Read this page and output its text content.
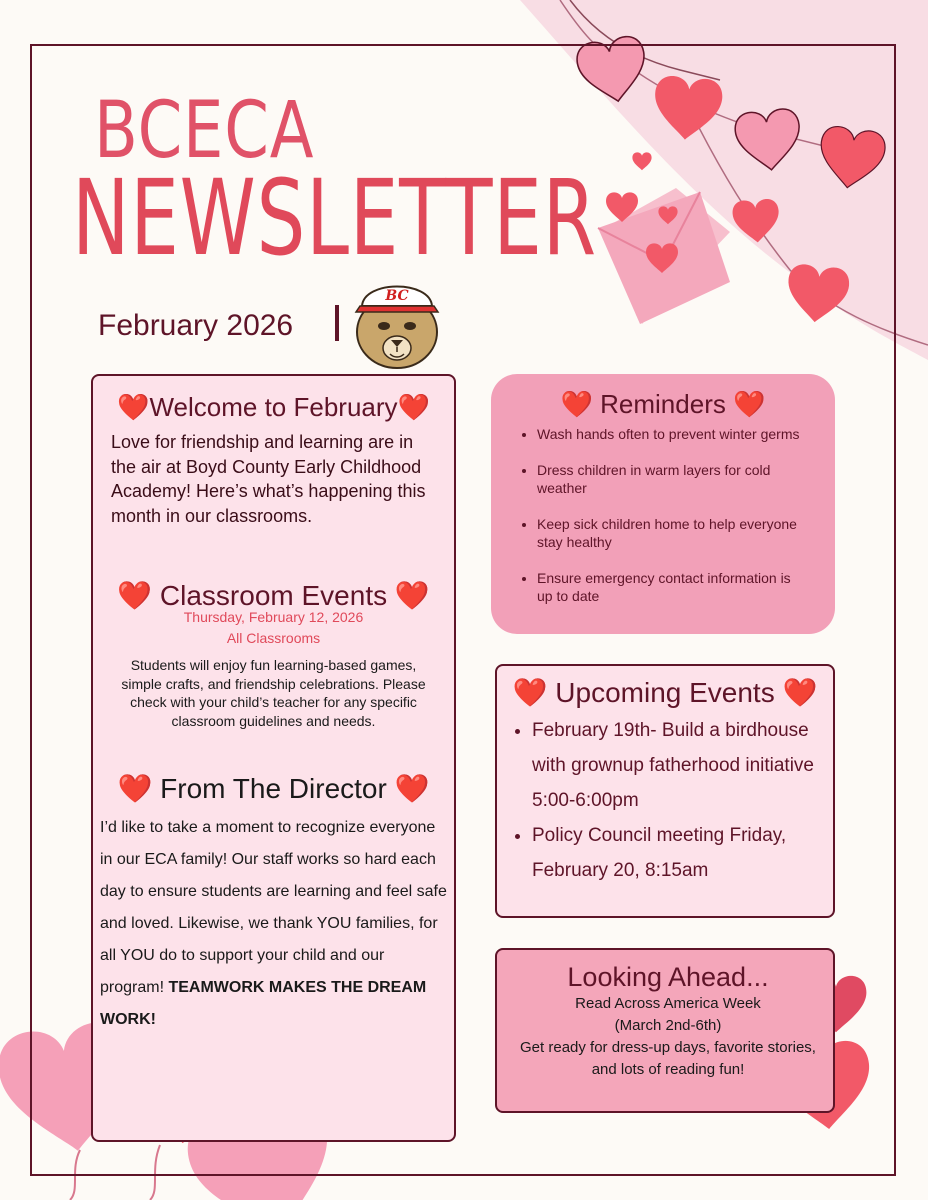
BCECA
NEWSLETTER
February 2026
BC
❤️Welcome to February❤️
Love for friendship and learning are in the air at Boyd County Early Childhood Academy! Here’s what’s happening this month in our classrooms.
❤️ Classroom Events ❤️
Thursday, February 12, 2026
All Classrooms
Students will enjoy fun learning-based games, simple crafts, and friendship celebrations. Please check with your child’s teacher for any specific classroom guidelines and needs.
❤️ From The Director ❤️
I’d like to take a moment to recognize everyone in our ECA family! Our staff works so hard each day to ensure students are learning and feel safe and loved. Likewise, we thank YOU families, for all YOU do to support your child and our program! TEAMWORK MAKES THE DREAM WORK!
❤️ Reminders ❤️
• Wash hands often to prevent winter germs
• Dress children in warm layers for cold weather
• Keep sick children home to help everyone stay healthy
• Ensure emergency contact information is up to date
❤️ Upcoming Events ❤️
• February 19th- Build a birdhouse with grownup fatherhood initiative 5:00-6:00pm
• Policy Council meeting Friday, February 20, 8:15am
Looking Ahead...
Read Across America Week
(March 2nd-6th)
Get ready for dress-up days, favorite stories, and lots of reading fun!
